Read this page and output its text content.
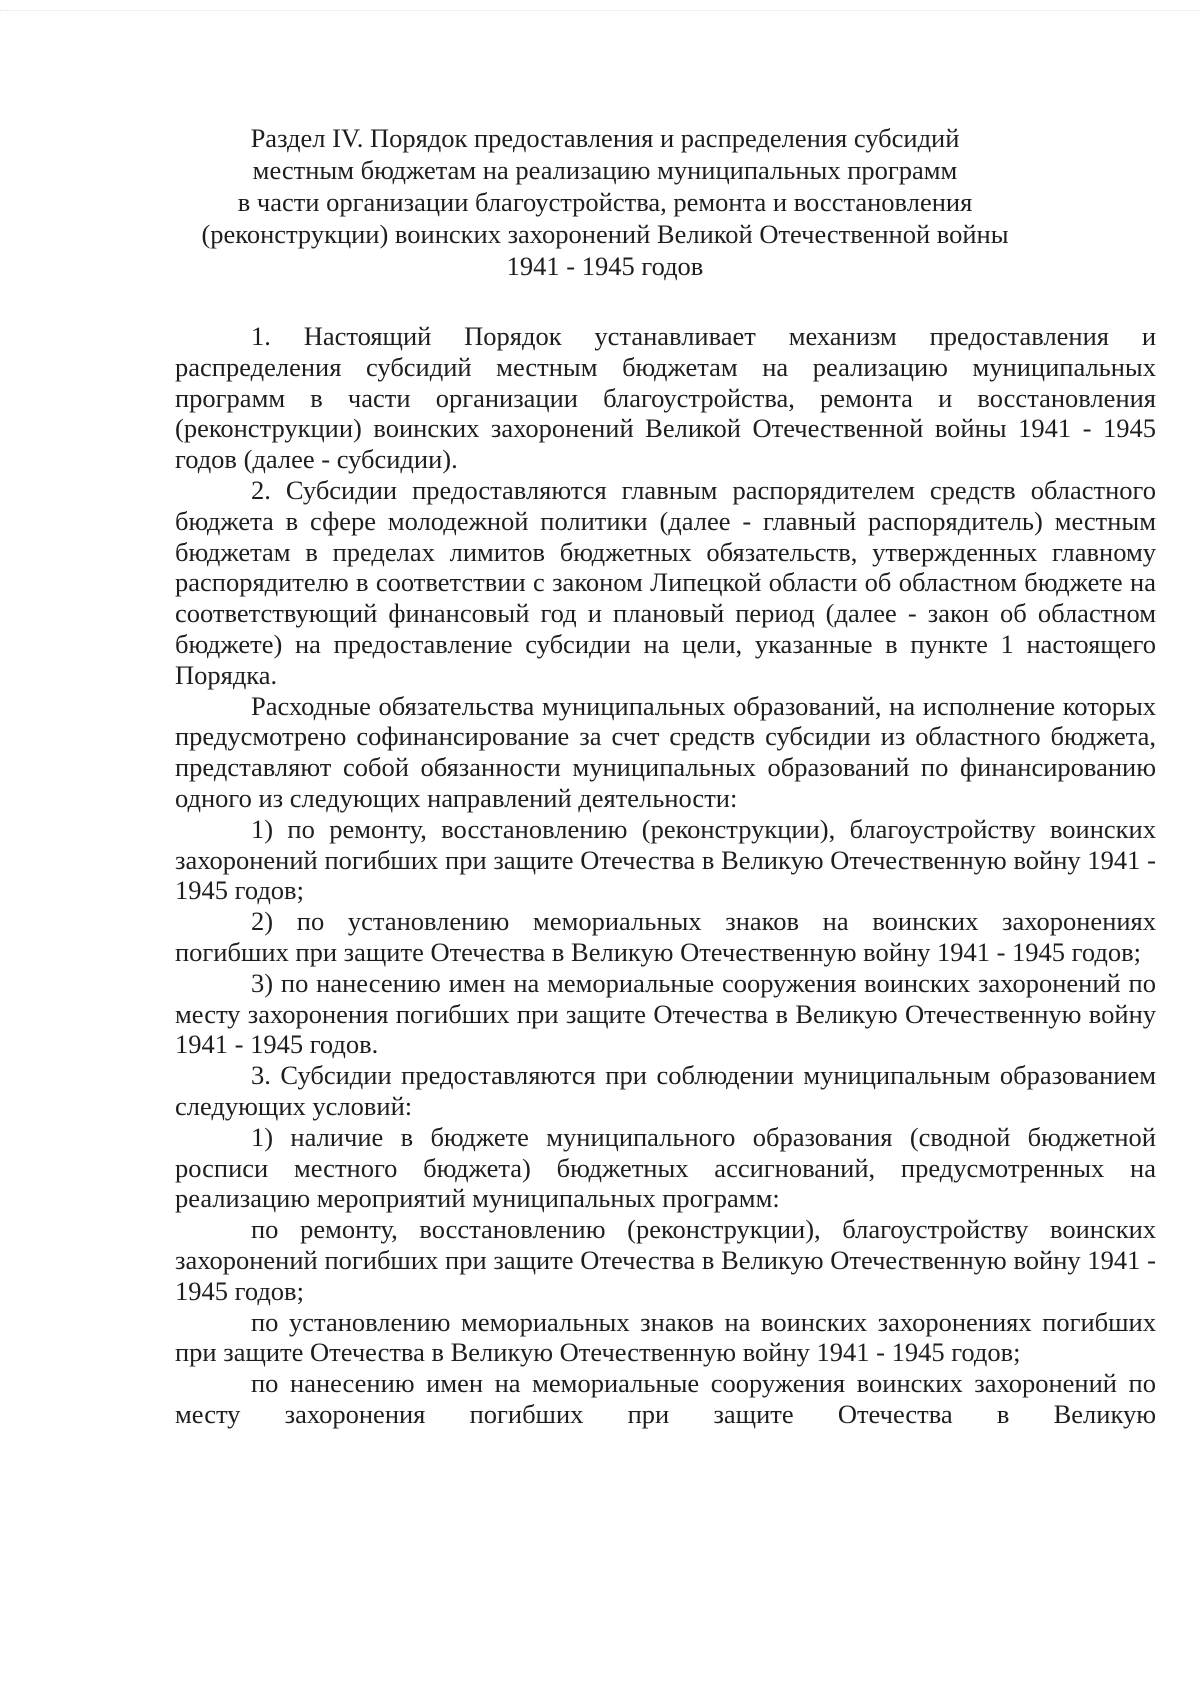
Раздел IV. Порядок предоставления и распределения субсидий
местным бюджетам на реализацию муниципальных программ
в части организации благоустройства, ремонта и восстановления
(реконструкции) воинских захоронений Великой Отечественной войны
1941 - 1945 годов

1. Настоящий Порядок устанавливает механизм предоставления и распределения субсидий местным бюджетам на реализацию муниципальных программ в части организации благоустройства, ремонта и восстановления (реконструкции) воинских захоронений Великой Отечественной войны 1941 - 1945 годов (далее - субсидии).

2. Субсидии предоставляются главным распорядителем средств областного бюджета в сфере молодежной политики (далее - главный распорядитель) местным бюджетам в пределах лимитов бюджетных обязательств, утвержденных главному распорядителю в соответствии с законом Липецкой области об областном бюджете на соответствующий финансовый год и плановый период (далее - закон об областном бюджете) на предоставление субсидии на цели, указанные в пункте 1 настоящего Порядка.

Расходные обязательства муниципальных образований, на исполнение которых предусмотрено софинансирование за счет средств субсидии из областного бюджета, представляют собой обязанности муниципальных образований по финансированию одного из следующих направлений деятельности:

1) по ремонту, восстановлению (реконструкции), благоустройству воинских захоронений погибших при защите Отечества в Великую Отечественную войну 1941 - 1945 годов;

2) по установлению мемориальных знаков на воинских захоронениях погибших при защите Отечества в Великую Отечественную войну 1941 - 1945 годов;

3) по нанесению имен на мемориальные сооружения воинских захоронений по месту захоронения погибших при защите Отечества в Великую Отечественную войну 1941 - 1945 годов.

3. Субсидии предоставляются при соблюдении муниципальным образованием следующих условий:

1) наличие в бюджете муниципального образования (сводной бюджетной росписи местного бюджета) бюджетных ассигнований, предусмотренных на реализацию мероприятий муниципальных программ:

по ремонту, восстановлению (реконструкции), благоустройству воинских захоронений погибших при защите Отечества в Великую Отечественную войну 1941 - 1945 годов;

по установлению мемориальных знаков на воинских захоронениях погибших при защите Отечества в Великую Отечественную войну 1941 - 1945 годов;

по нанесению имен на мемориальные сооружения воинских захоронений по месту захоронения погибших при защите Отечества в Великую
